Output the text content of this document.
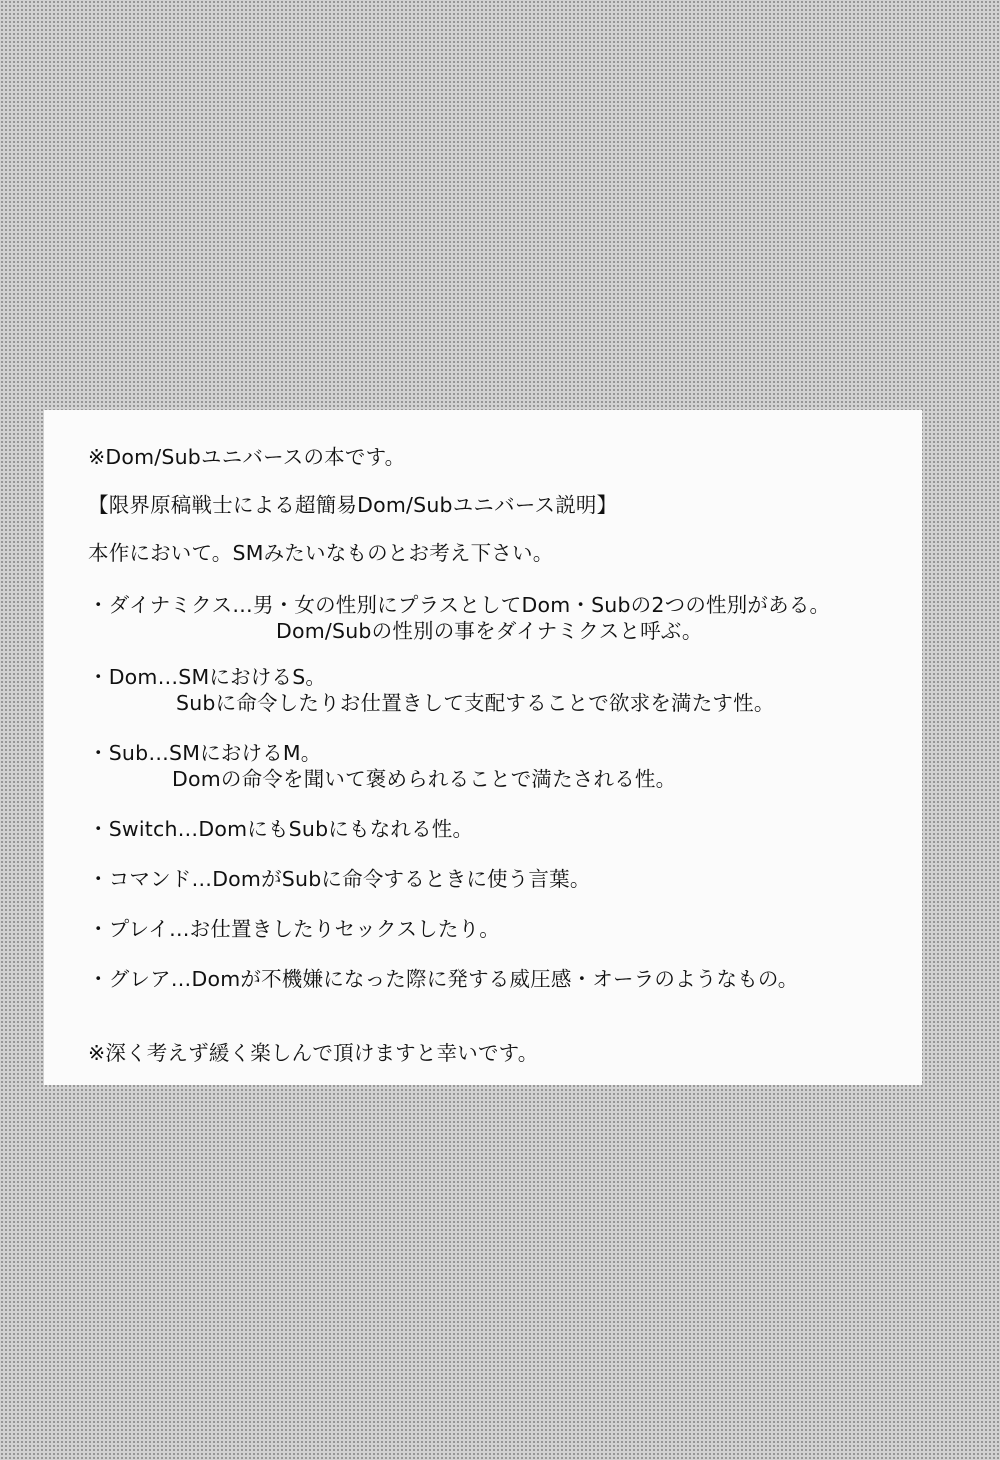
※Dom/Subユニバースの本です。
【限界原稿戦士による超簡易Dom/Subユニバース説明】
本作において。SMみたいなものとお考え下さい。
・ダイナミクス…男・女の性別にプラスとしてDom・Subの2つの性別がある。
Dom/Subの性別の事をダイナミクスと呼ぶ。
・Dom…SMにおけるS。
Subに命令したりお仕置きして支配することで欲求を満たす性。
・Sub…SMにおけるM。
Domの命令を聞いて褒められることで満たされる性。
・Switch…DomにもSubにもなれる性。
・コマンド…DomがSubに命令するときに使う言葉。
・プレイ…お仕置きしたりセックスしたり。
・グレア…Domが不機嫌になった際に発する威圧感・オーラのようなもの。
※深く考えず緩く楽しんで頂けますと幸いです。
